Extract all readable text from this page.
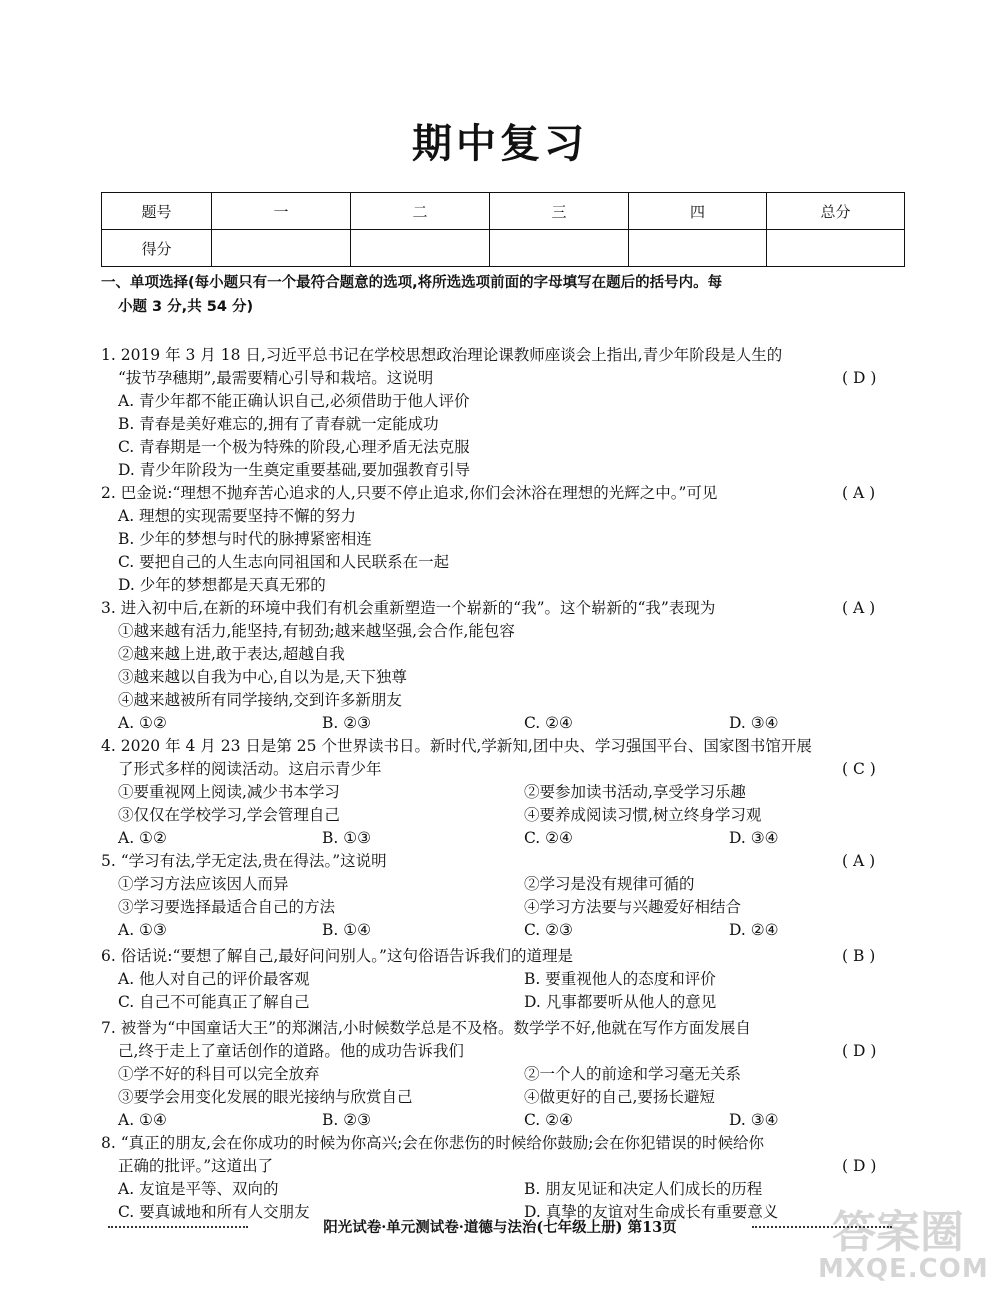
期中复习
题号	一	二	三	四	总分
得分					
一、单项选择(每小题只有一个最符合题意的选项,将所选选项前面的字母填写在题后的括号内。每
小题 3 分,共 54 分)
1. 2019 年 3 月 18 日,习近平总书记在学校思想政治理论课教师座谈会上指出,青少年阶段是人生的
“拔节孕穗期”,最需要精心引导和栽培。这说明	( D )
A. 青少年都不能正确认识自己,必须借助于他人评价
B. 青春是美好难忘的,拥有了青春就一定能成功
C. 青春期是一个极为特殊的阶段,心理矛盾无法克服
D. 青少年阶段为一生奠定重要基础,要加强教育引导
2. 巴金说:“理想不抛弃苦心追求的人,只要不停止追求,你们会沐浴在理想的光辉之中。”可见	( A )
A. 理想的实现需要坚持不懈的努力
B. 少年的梦想与时代的脉搏紧密相连
C. 要把自己的人生志向同祖国和人民联系在一起
D. 少年的梦想都是天真无邪的
3. 进入初中后,在新的环境中我们有机会重新塑造一个崭新的“我”。这个崭新的“我”表现为	( A )
①越来越有活力,能坚持,有韧劲;越来越坚强,会合作,能包容
②越来越上进,敢于表达,超越自我
③越来越以自我为中心,自以为是,天下独尊
④越来越被所有同学接纳,交到许多新朋友
A. ①②	B. ②③	C. ②④	D. ③④
4. 2020 年 4 月 23 日是第 25 个世界读书日。新时代,学新知,团中央、学习强国平台、国家图书馆开展
了形式多样的阅读活动。这启示青少年	( C )
①要重视网上阅读,减少书本学习	②要参加读书活动,享受学习乐趣
③仅仅在学校学习,学会管理自己	④要养成阅读习惯,树立终身学习观
A. ①②	B. ①③	C. ②④	D. ③④
5. “学习有法,学无定法,贵在得法。”这说明	( A )
①学习方法应该因人而异	②学习是没有规律可循的
③学习要选择最适合自己的方法	④学习方法要与兴趣爱好相结合
A. ①③	B. ①④	C. ②③	D. ②④
6. 俗话说:“要想了解自己,最好问问别人。”这句俗语告诉我们的道理是	( B )
A. 他人对自己的评价最客观	B. 要重视他人的态度和评价
C. 自己不可能真正了解自己	D. 凡事都要听从他人的意见
7. 被誉为“中国童话大王”的郑渊洁,小时候数学总是不及格。数学学不好,他就在写作方面发展自
己,终于走上了童话创作的道路。他的成功告诉我们	( D )
①学不好的科目可以完全放弃	②一个人的前途和学习毫无关系
③要学会用变化发展的眼光接纳与欣赏自己	④做更好的自己,要扬长避短
A. ①④	B. ②③	C. ②④	D. ③④
8. “真正的朋友,会在你成功的时候为你高兴;会在你悲伤的时候给你鼓励;会在你犯错误的时候给你
正确的批评。”这道出了	( D )
A. 友谊是平等、双向的	B. 朋友见证和决定人们成长的历程
C. 要真诚地和所有人交朋友	D. 真挚的友谊对生命成长有重要意义
阳光试卷·单元测试卷·道德与法治(七年级上册) 第13页	答案圈
MXQE.COM
